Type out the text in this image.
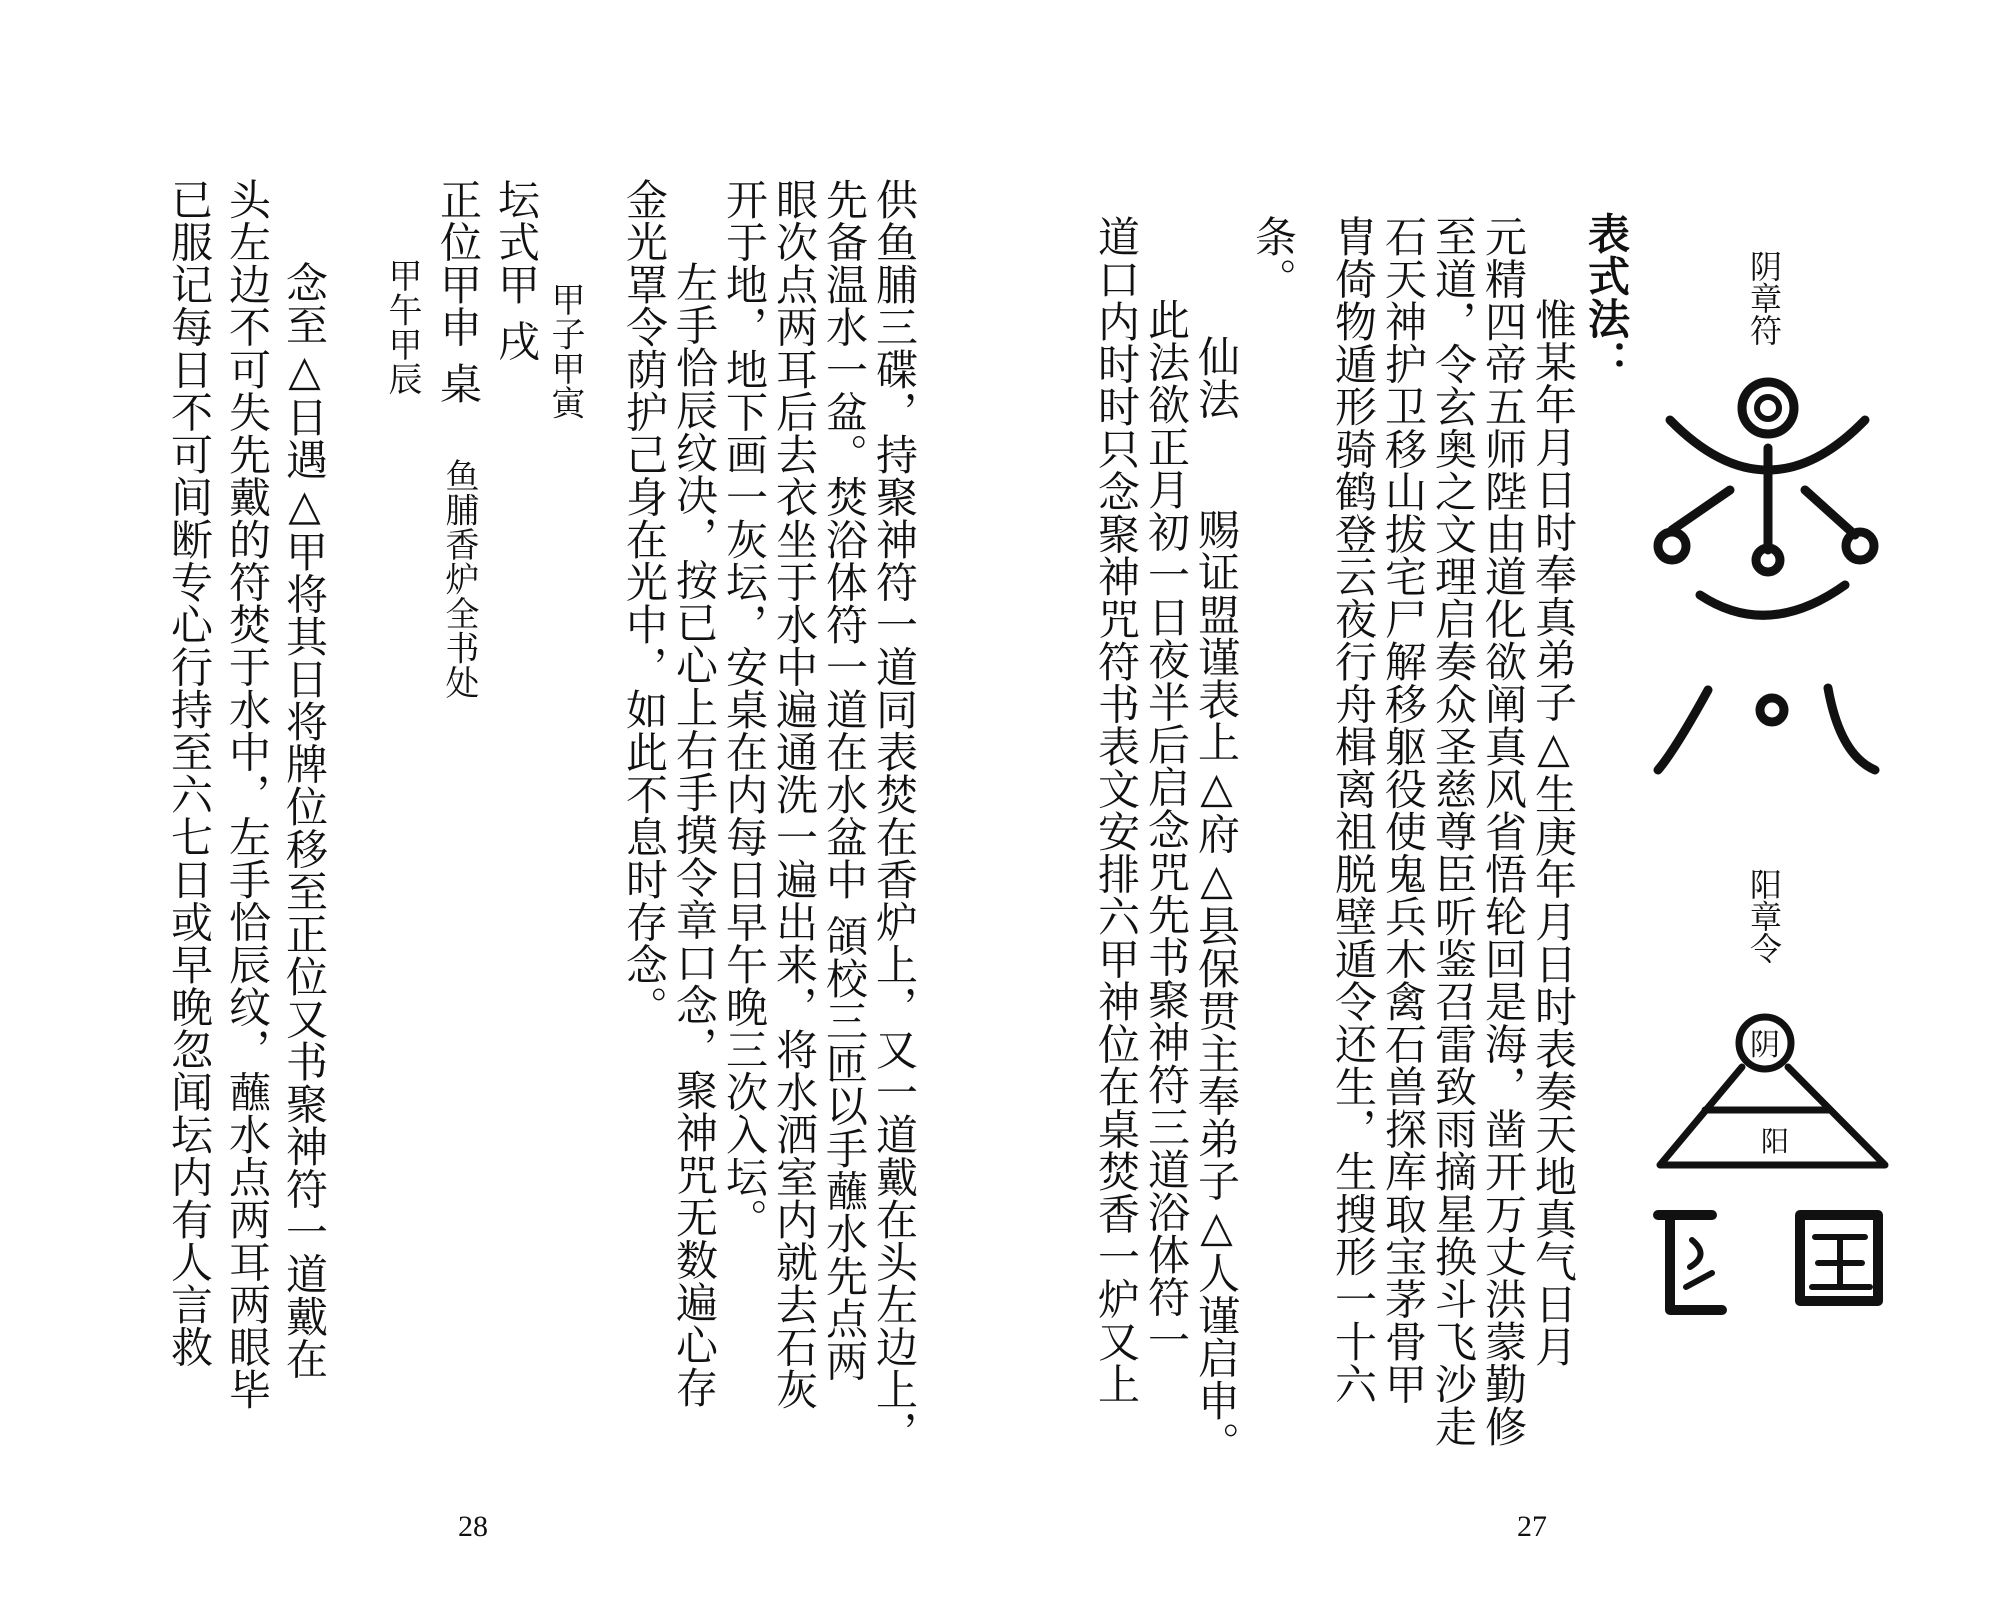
阴章符
阳章令
阴
阳
表式法：
惟某年月日时奉真弟子△生庚年月日时表奏天地真气日月
元精四帝五师陛由道化欲阐真风省悟轮回是海，凿开万丈洪蒙勤修
至道，令玄奥之文理启奏众圣慈尊臣听鉴召雷致雨摘星换斗飞沙走
石天神护卫移山拔宅尸解移躯役使鬼兵木禽石兽探库取宝茅骨甲
胄倚物遁形骑鹤登云夜行舟楫离祖脱壁遁令还生，生搜形一十六
条。
仙法
赐证盟谨表上△府△县保贯主奉弟子△人谨启申。
此法欲正月初一日夜半后启念咒先书聚神符三道浴体符一
道口内时时只念聚神咒符书表文安排六甲神位在桌焚香一炉又上
27
供鱼脯三碟，持聚神符一道同表焚在香炉上，又一道戴在头左边上，
先备温水一盆。焚浴体符一道在水盆中 頜校三匝以手蘸水先点两
眼次点两耳后去衣坐于水中遍通洗一遍出来，将水洒室内就去石灰
开于地，地下画一灰坛，安桌在内每日早午晚三次入坛。
左手恰辰纹决，按已心上右手摸令章口念，聚神咒无数遍心存
金光罩令荫护己身在光中，如此不息时存念。
甲子甲寅
坛式甲 戌
正位甲申 桌
鱼脯香炉全书处
甲午甲辰
念至△日遇△甲将其日将牌位移至正位又书聚神符一道戴在
头左边不可失先戴的符焚于水中，左手恰辰纹，蘸水点两耳两眼毕
已服记每日不可间断专心行持至六七日或早晚忽闻坛内有人言救
28
